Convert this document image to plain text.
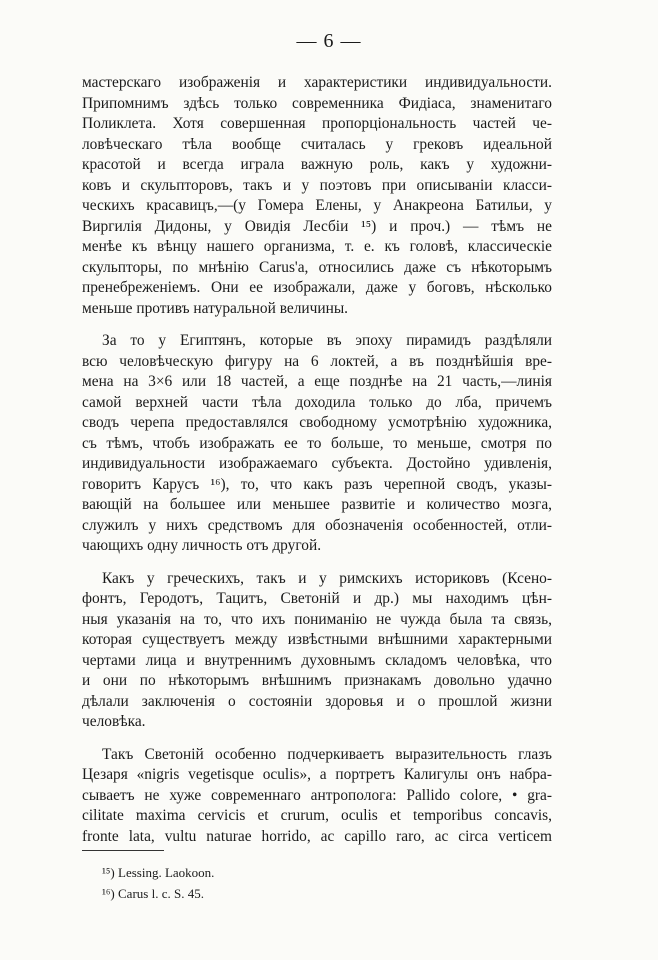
— 6 —
мастерскаго изображенія и характеристики индивидуальности.
Припомнимъ здѣсь только современника Фидіаса, знаменитаго
Поликлета. Хотя совершенная пропорціональность частей че-
ловѣческаго тѣла вообще считалась у грековъ идеальной
красотой и всегда играла важную роль, какъ у художни-
ковъ и скульпторовъ, такъ и у поэтовъ при описываніи класси-
ческихъ красавицъ,—(у Гомера Елены, у Анакреона Батильи, у
Виргилія Дидоны, у Овидія Лесбіи ¹⁵) и проч.) — тѣмъ не
менѣе къ вѣнцу нашего организма, т. е. къ головѣ, классическіе
скульпторы, по мнѣнію Carus'а, относились даже съ нѣкоторымъ
пренебреженіемъ. Они ее изображали, даже у боговъ, нѣсколько
меньше противъ натуральной величины.
За то у Египтянъ, которые въ эпоху пирамидъ раздѣляли
всю человѣческую фигуру на 6 локтей, а въ позднѣйшія вре-
мена на 3×6 или 18 частей, а еще позднѣе на 21 часть,—линія
самой верхней части тѣла доходила только до лба, причемъ
сводъ черепа предоставлялся свободному усмотрѣнію художника,
съ тѣмъ, чтобъ изображать ее то больше, то меньше, смотря по
индивидуальности изображаемаго субъекта. Достойно удивленія,
говоритъ Карусъ ¹⁶), то, что какъ разъ черепной сводъ, указы-
вающій на большее или меньшее развитіе и количество мозга,
служилъ у нихъ средствомъ для обозначенія особенностей, отли-
чающихъ одну личность отъ другой.
Какъ у греческихъ, такъ и у римскихъ историковъ (Ксено-
фонтъ, Геродотъ, Тацитъ, Светоній и др.) мы находимъ цѣн-
ныя указанія на то, что ихъ пониманію не чужда была та связь,
которая существуетъ между извѣстными внѣшними характерными
чертами лица и внутреннимъ духовнымъ складомъ человѣка, что
и они по нѣкоторымъ внѣшнимъ признакамъ довольно удачно
дѣлали заключенія о состояніи здоровья и о прошлой жизни
человѣка.
Такъ Светоній особенно подчеркиваетъ выразительность глазъ
Цезаря «nigris vegetisque oculis», а портретъ Калигулы онъ набра-
сываетъ не хуже современнаго антрополога: Pallido colore, • gra-
cilitate maxima cervicis et crurum, oculis et temporibus concavis,
fronte lata, vultu naturae horrido, ac capillo raro, ac circa verticem
¹⁵) Lessing. Laokoon.
¹⁶) Carus l. c. S. 45.
